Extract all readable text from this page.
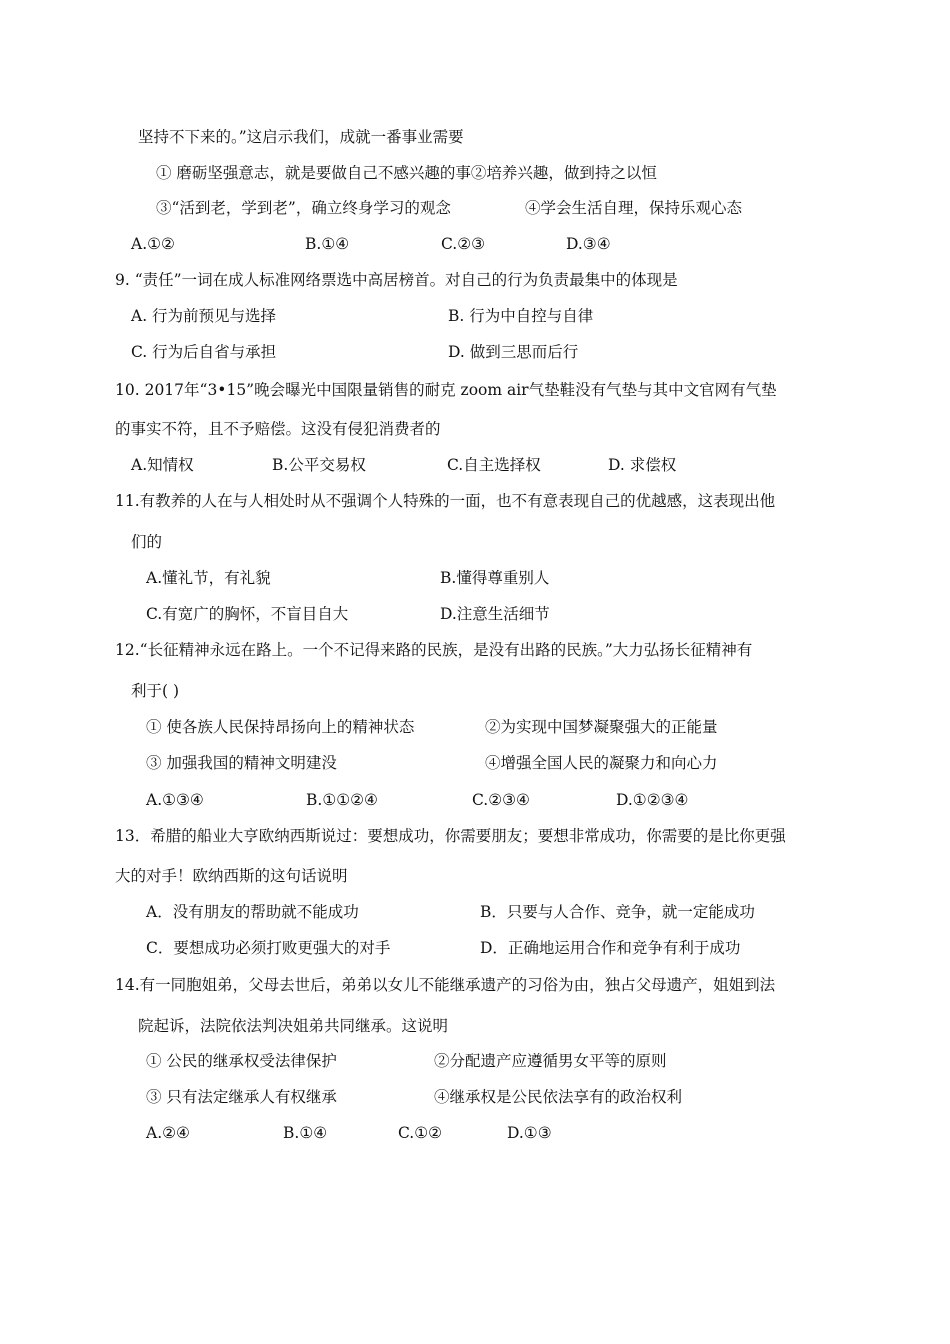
坚持不下来的。”这启示我们，成就一番事业需要
① 磨砺坚强意志，就是要做自己不感兴趣的事②培养兴趣，做到持之以恒
③“活到老，学到老”，确立终身学习的观念	④学会生活自理，保持乐观心态
A.①②	B.①④	C.②③	D.③④
9. “责任”一词在成人标准网络票选中高居榜首。对自己的行为负责最集中的体现是
A. 行为前预见与选择	B. 行为中自控与自律
C. 行为后自省与承担	D. 做到三思而后行
10. 2017年“3•15”晚会曝光中国限量销售的耐克 zoom air气垫鞋没有气垫与其中文官网有气垫
的事实不符，且不予赔偿。这没有侵犯消费者的
A.知情权	B.公平交易权	C.自主选择权	D. 求偿权
11.有教养的人在与人相处时从不强调个人特殊的一面，也不有意表现自己的优越感，这表现出他
们的
A.懂礼节，有礼貌	B.懂得尊重别人
C.有宽广的胸怀，不盲目自大	D.注意生活细节
12.“长征精神永远在路上。一个不记得来路的民族，是没有出路的民族。”大力弘扬长征精神有
利于( )
① 使各族人民保持昂扬向上的精神状态	②为实现中国梦凝聚强大的正能量
③ 加强我国的精神文明建没	④增强全国人民的凝聚力和向心力
A.①③④	B.①①②④	C.②③④	D.①②③④
13．希腊的船业大亨欧纳西斯说过：要想成功，你需要朋友；要想非常成功，你需要的是比你更强
大的对手！欧纳西斯的这句话说明
A．没有朋友的帮助就不能成功	B．只要与人合作、竞争，就一定能成功
C．要想成功必须打败更强大的对手	D．正确地运用合作和竞争有利于成功
14.有一同胞姐弟，父母去世后，弟弟以女儿不能继承遗产的习俗为由，独占父母遗产，姐姐到法
院起诉，法院依法判决姐弟共同继承。这说明
① 公民的继承权受法律保护	②分配遗产应遵循男女平等的原则
③ 只有法定继承人有权继承	④继承权是公民依法享有的政治权利
A.②④	B.①④	C.①②	D.①③
